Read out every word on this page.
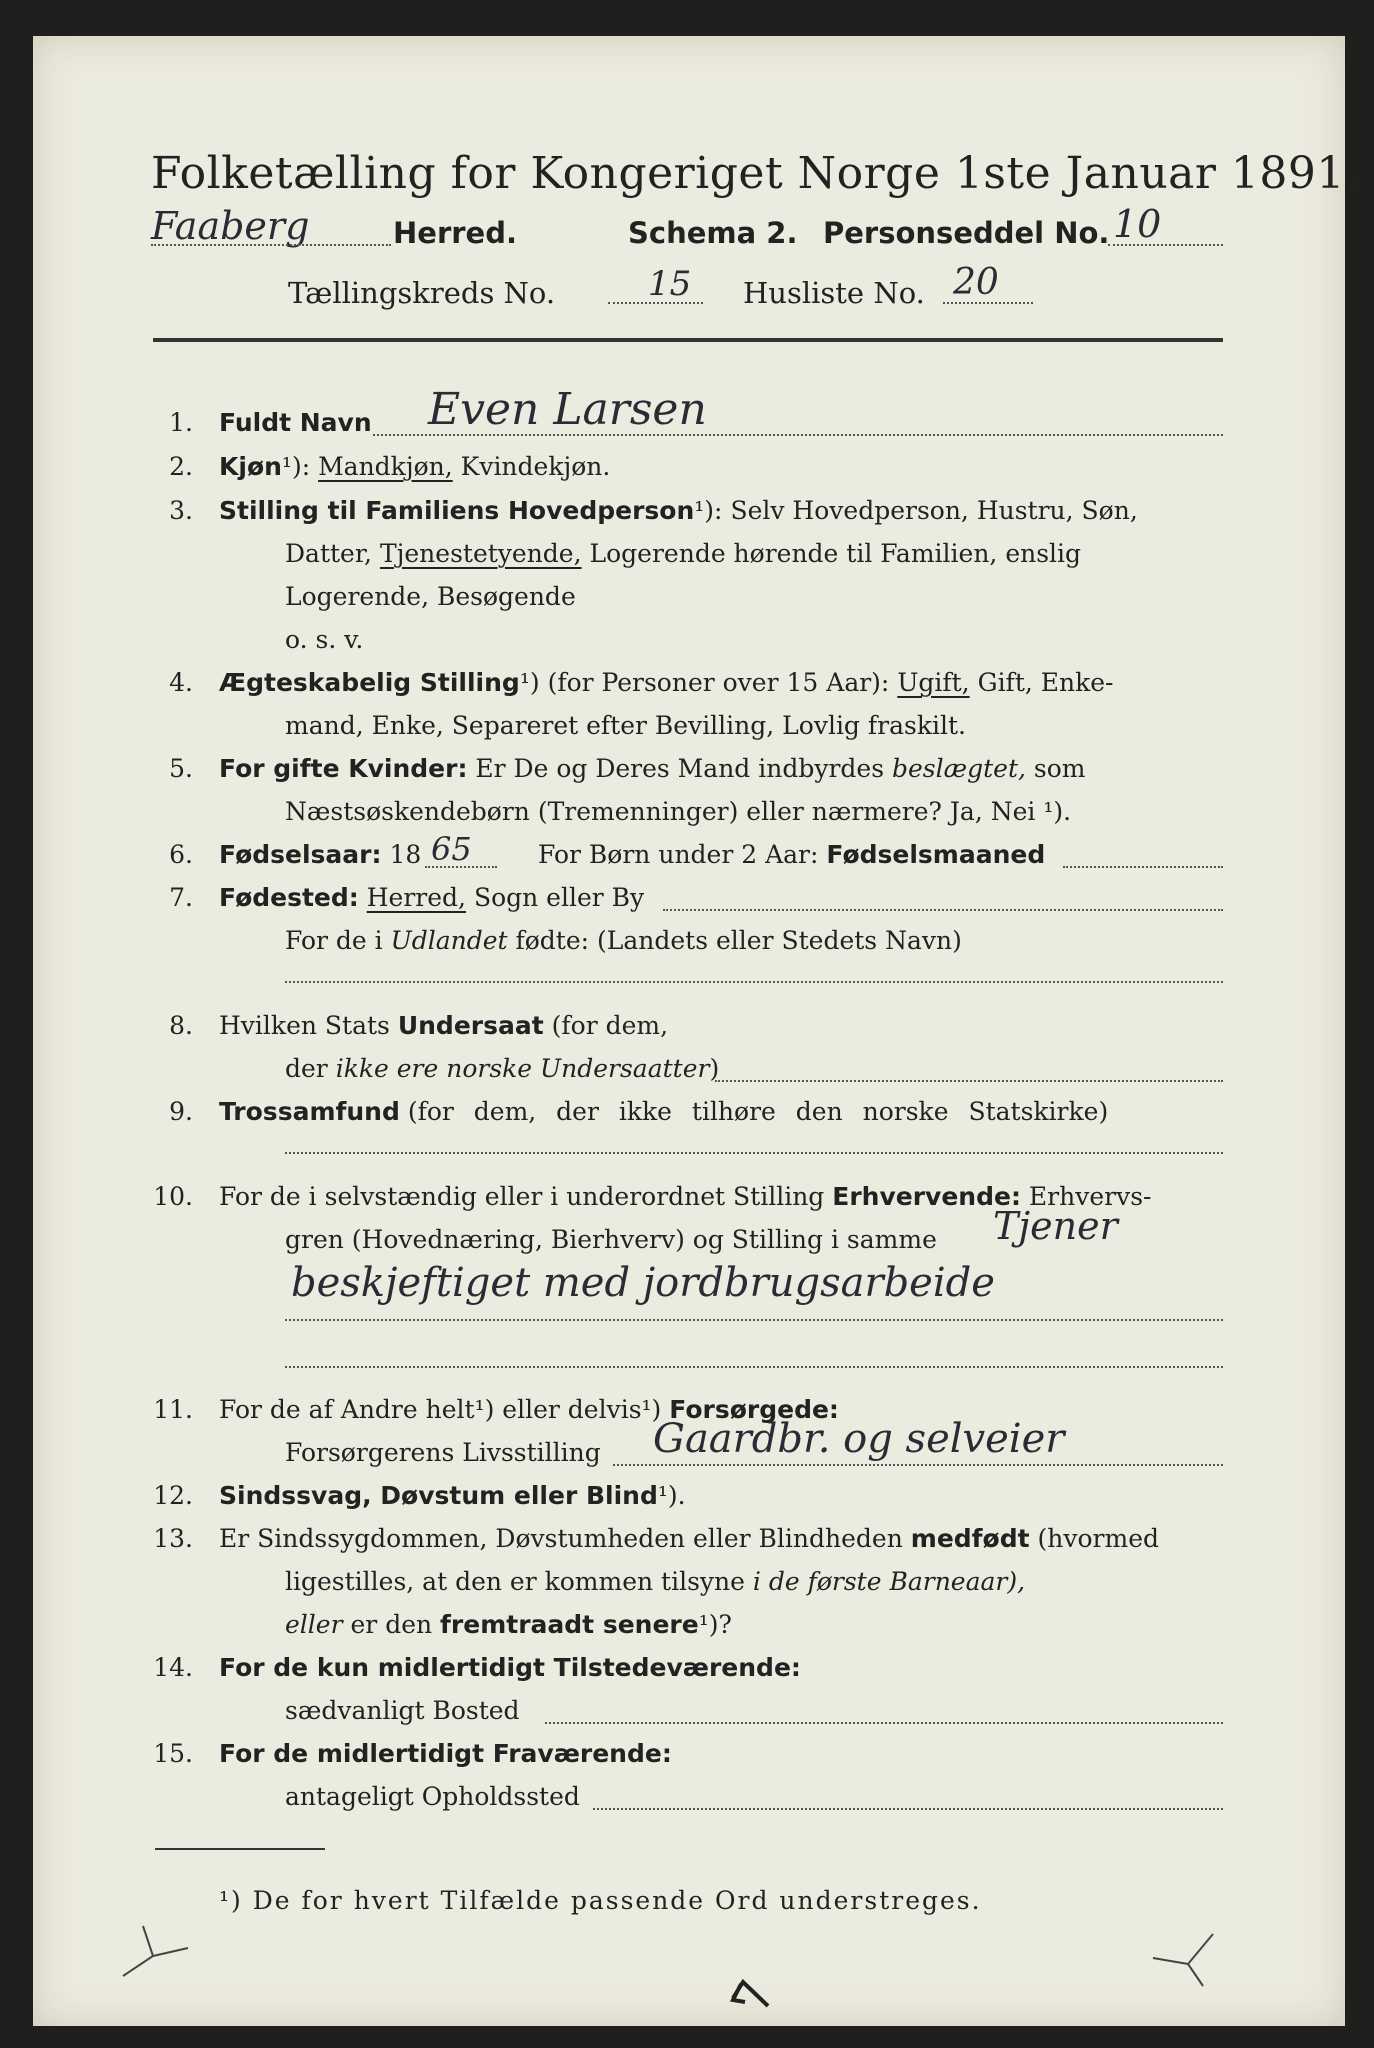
Folketælling for Kongeriget Norge 1ste Januar 1891.
Faaberg	Herred.	Schema 2. Personseddel No. 10
Tællingskreds No.	15 Husliste No. 20
1. Fuldt Navn Even Larsen
2. Kjøn¹): Mandkjøn, Kvindekjøn.
3. Stilling til Familiens Hovedperson¹): Selv Hovedperson, Hustru, Søn,
Datter, Tjenestetyende, Logerende hørende til Familien, enslig
Logerende, Besøgende
o. s. v.
4. Ægteskabelig Stilling¹) (for Personer over 15 Aar): Ugift, Gift, Enke-
mand, Enke, Separeret efter Bevilling, Lovlig fraskilt.
5. For gifte Kvinder: Er De og Deres Mand indbyrdes beslægtet, som
Næstsøskendebørn (Tremenninger) eller nærmere? Ja, Nei ¹).
6. Fødselsaar: 18 65	For Børn under 2 Aar: Fødselsmaaned
7. Fødested: Herred, Sogn eller By
For de i Udlandet fødte: (Landets eller Stedets Navn)
8. Hvilken Stats Undersaat (for dem,
der ikke ere norske Undersaatter)
9. Trossamfund (for dem, der ikke tilhøre den norske Statskirke)
10. For de i selvstændig eller i underordnet Stilling Erhvervende: Erhvervs-
gren (Hovednæring, Bierhverv) og Stilling i samme Tjener
beskjeftiget med jordbrugsarbeide
11. For de af Andre helt¹) eller delvis¹) Forsørgede:
Forsørgerens Livsstilling Gaardbr. og selveier
12. Sindssvag, Døvstum eller Blind¹).
13. Er Sindssygdommen, Døvstumheden eller Blindheden medfødt (hvormed
ligestilles, at den er kommen tilsyne i de første Barneaar),
eller er den fremtraadt senere¹)?
14. For de kun midlertidigt Tilstedeværende:
sædvanligt Bosted
15. For de midlertidigt Fraværende:
antageligt Opholdssted
¹) De for hvert Tilfælde passende Ord understreges.
